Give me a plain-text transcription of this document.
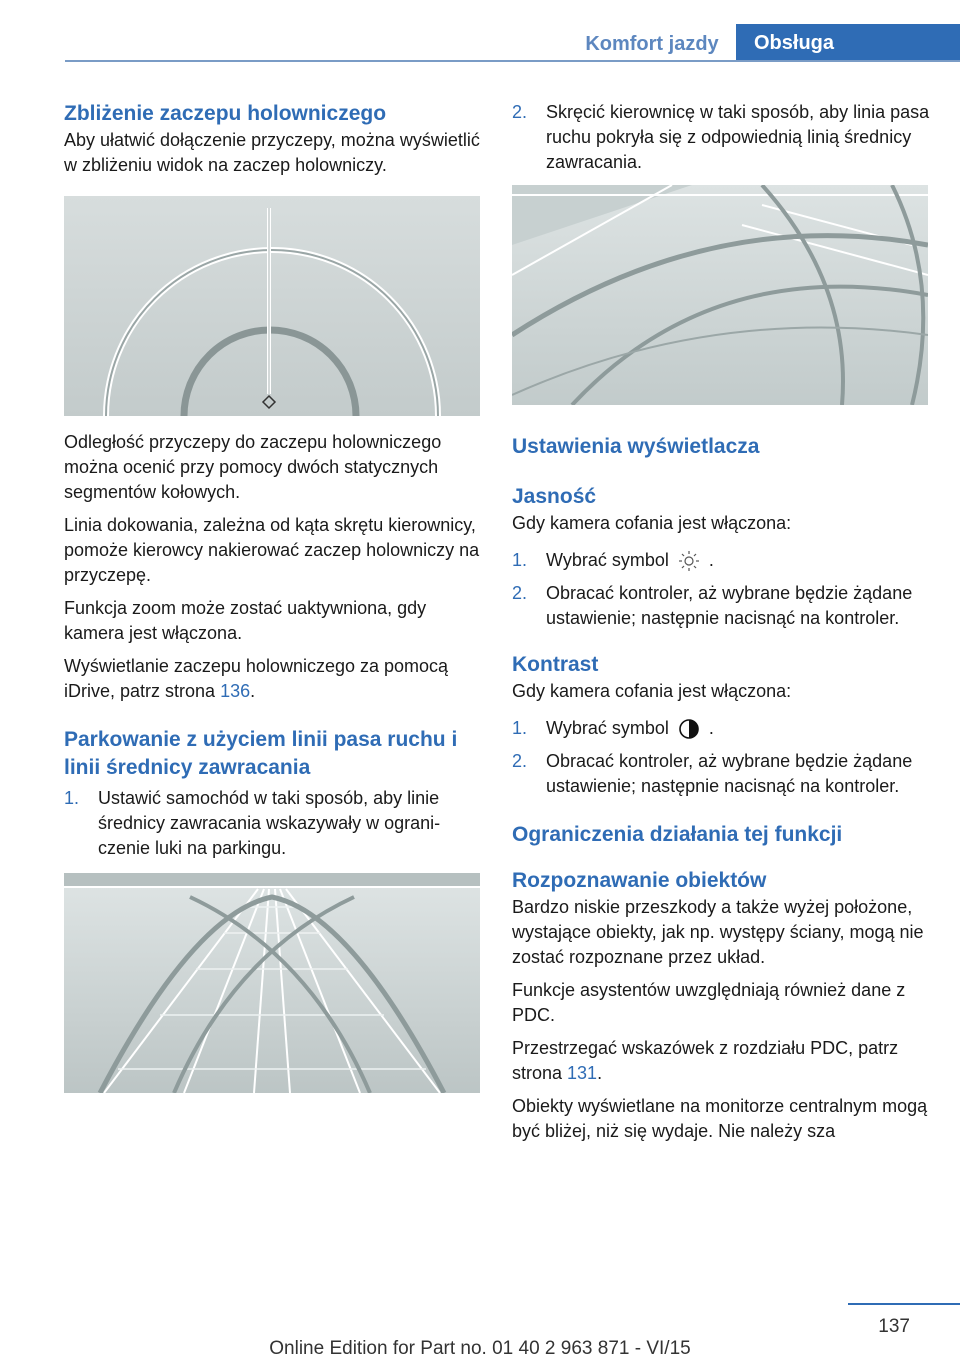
Komfort jazdy	Obsługa
Zbliżenie zaczepu holowniczego

Aby ułatwić dołączenie przyczepy, można wyświetlić w zbliżeniu widok na zaczep holowniczy.

Odległość przyczepy do zaczepu holowniczego można ocenić przy pomocy dwóch statycznych segmentów kołowych.

Linia dokowania, zależna od kąta skrętu kierownicy, pomoże kierowcy nakierować zaczep holowniczy na przyczepę.

Funkcja zoom może zostać uaktywniona, gdy kamera jest włączona.

Wyświetlanie zaczepu holowniczego za pomocą iDrive, patrz strona 136.

Parkowanie z użyciem linii pasa ruchu i linii średnicy zawracania
1. Ustawić samochód w taki sposób, aby linie średnicy zawracania wskazywały w ograniczenie luki na parkingu.
2. Skręcić kierownicę w taki sposób, aby linia pasa ruchu pokryła się z odpowiednią linią średnicy zawracania.
Ustawienia wyświetlacza
Jasność

Gdy kamera cofania jest włączona:

1. Wybrać symbol
.
2. Obracać kontroler, aż wybrane będzie żądane ustawienie; następnie nacisnąć na kontroler.
Kontrast

Gdy kamera cofania jest włączona:

1. Wybrać symbol
.
2. Obracać kontroler, aż wybrane będzie żądane ustawienie; następnie nacisnąć na kontroler.
Ograniczenia działania tej funkcji
Rozpoznawanie obiektów

Bardzo niskie przeszkody a także wyżej położone, wystające obiekty, jak np. występy ściany, mogą nie zostać rozpoznane przez układ.

Funkcje asystentów uwzględniają również dane z PDC.

Przestrzegać wskazówek z rozdziału PDC, patrz strona 131.

Obiekty wyświetlane na monitorze centralnym mogą być bliżej, niż się wydaje. Nie należy sza

137
Online Edition for Part no. 01 40 2 963 871 - VI/15
